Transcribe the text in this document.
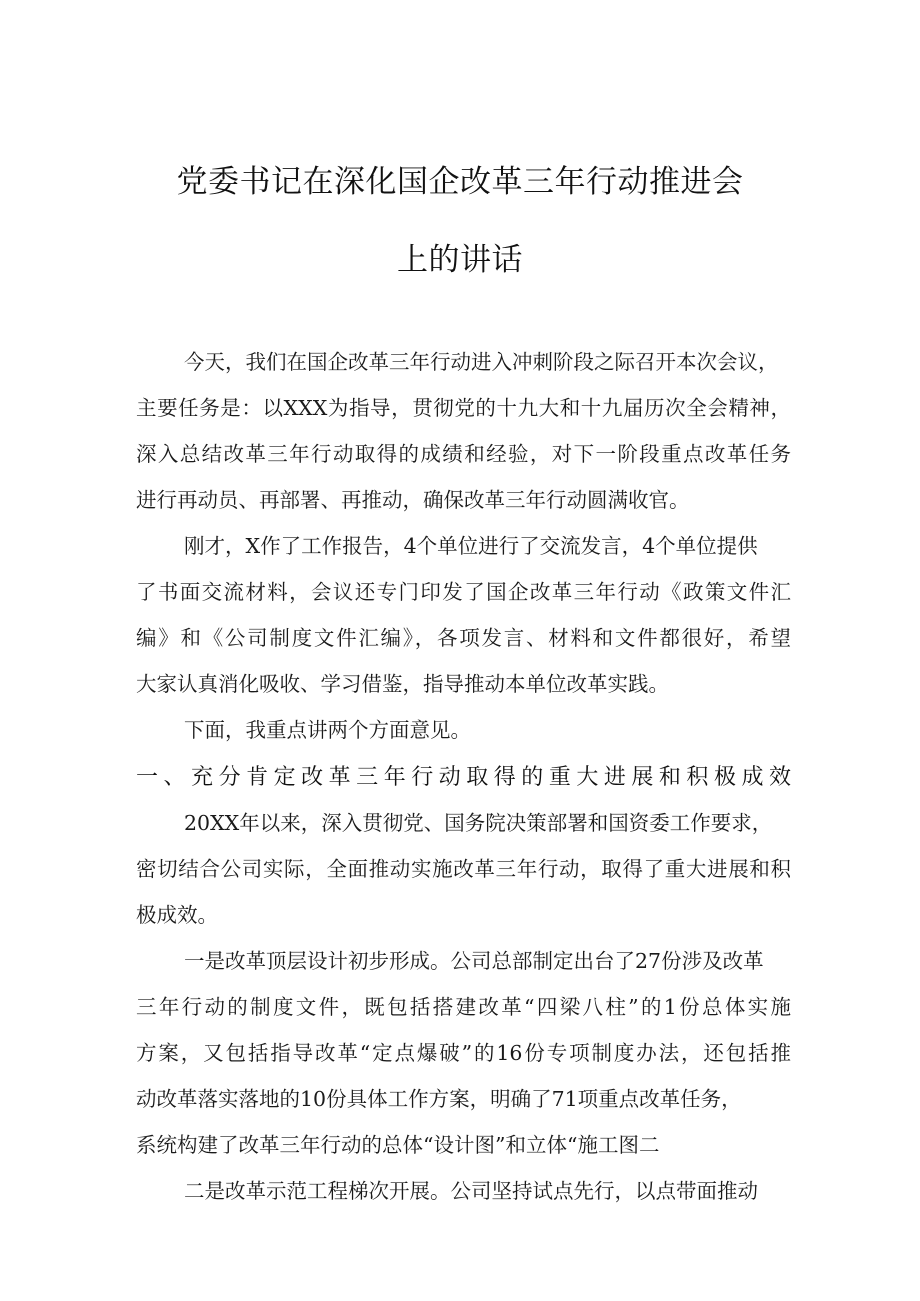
党委书记在深化国企改革三年行动推进会
上的讲话
今天，我们在国企改革三年行动进入冲刺阶段之际召开本次会议，
主要任务是：以XXX为指导，贯彻党的十九大和十九届历次全会精神，
深入总结改革三年行动取得的成绩和经验，对下一阶段重点改革任务
进行再动员、再部署、再推动，确保改革三年行动圆满收官。
刚才，X作了工作报告，4个单位进行了交流发言，4个单位提供
了书面交流材料，会议还专门印发了国企改革三年行动《政策文件汇
编》和《公司制度文件汇编》，各项发言、材料和文件都很好，希望
大家认真消化吸收、学习借鉴，指导推动本单位改革实践。
下面，我重点讲两个方面意见。
20XX年以来，深入贯彻党、国务院决策部署和国资委工作要求，
密切结合公司实际，全面推动实施改革三年行动，取得了重大进展和积
极成效。
一是改革顶层设计初步形成。公司总部制定出台了27份涉及改革
三年行动的制度文件，既包括搭建改革“四梁八柱”的1份总体实施
方案，又包括指导改革“定点爆破”的16份专项制度办法，还包括推
动改革落实落地的10份具体工作方案，明确了71项重点改革任务，
系统构建了改革三年行动的总体“设计图”和立体“施工图二
二是改革示范工程梯次开展。公司坚持试点先行，以点带面推动
一、充分肯定改革三年行动取得的重大进展和积极成效
